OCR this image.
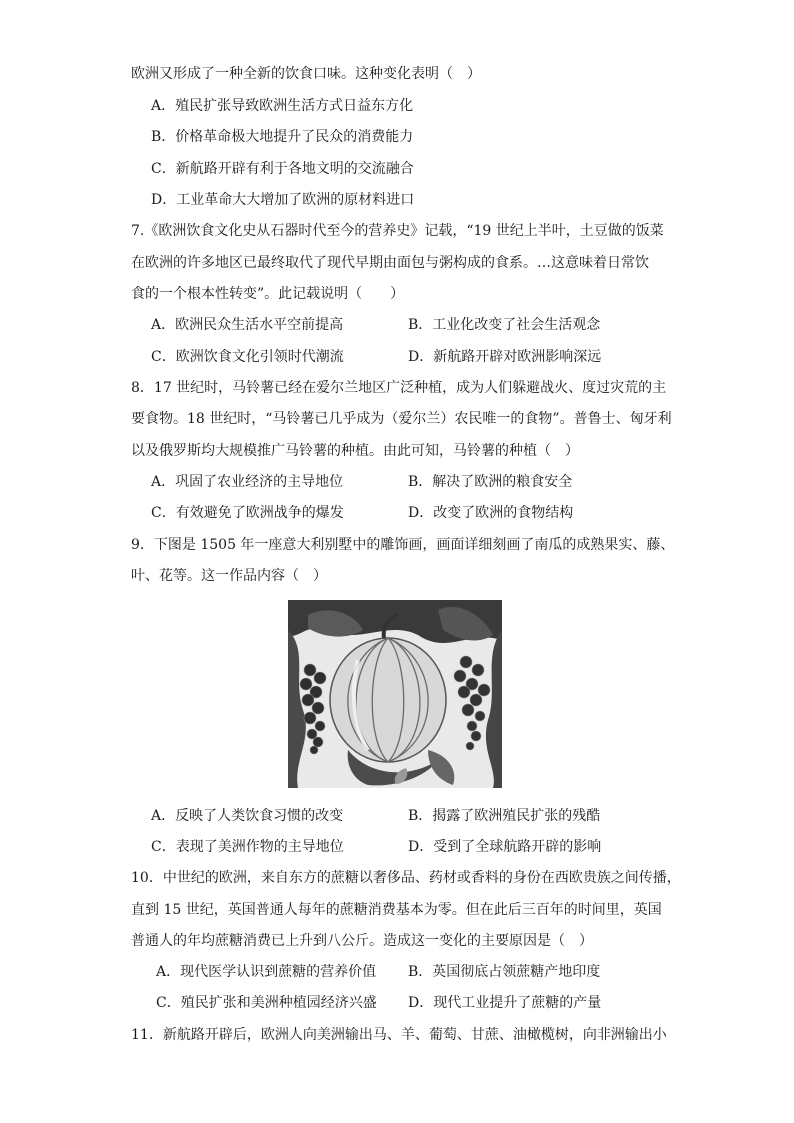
欧洲又形成了一种全新的饮食口味。这种变化表明（　）
A．殖民扩张导致欧洲生活方式日益东方化
B．价格革命极大地提升了民众的消费能力
C．新航路开辟有利于各地文明的交流融合
D．工业革命大大增加了欧洲的原材料进口
7.《欧洲饮食文化史从石器时代至今的营养史》记载，“19 世纪上半叶，土豆做的饭菜
在欧洲的许多地区已最终取代了现代早期由面包与粥构成的食系。…这意味着日常饮
食的一个根本性转变”。此记载说明（　　）
A．欧洲民众生活水平空前提高	B．工业化改变了社会生活观念
C．欧洲饮食文化引领时代潮流	D．新航路开辟对欧洲影响深远
8．17 世纪时，马铃薯已经在爱尔兰地区广泛种植，成为人们躲避战火、度过灾荒的主
要食物。18 世纪时，“马铃薯已几乎成为（爱尔兰）农民唯一的食物”。普鲁士、匈牙利
以及俄罗斯均大规模推广马铃薯的种植。由此可知，马铃薯的种植（　）
A．巩固了农业经济的主导地位	B．解决了欧洲的粮食安全
C．有效避免了欧洲战争的爆发	D．改变了欧洲的食物结构
9．下图是 1505 年一座意大利别墅中的雕饰画，画面详细刻画了南瓜的成熟果实、藤、
叶、花等。这一作品内容（　）
A．反映了人类饮食习惯的改变	B．揭露了欧洲殖民扩张的残酷
C．表现了美洲作物的主导地位	D．受到了全球航路开辟的影响
10．中世纪的欧洲，来自东方的蔗糖以奢侈品、药材或香料的身份在西欧贵族之间传播，
直到 15 世纪，英国普通人每年的蔗糖消费基本为零。但在此后三百年的时间里，英国
普通人的年均蔗糖消费已上升到八公斤。造成这一变化的主要原因是（　）
A．现代医学认识到蔗糖的营养价值 B．英国彻底占领蔗糖产地印度
C．殖民扩张和美洲种植园经济兴盛 D．现代工业提升了蔗糖的产量
11．新航路开辟后，欧洲人向美洲输出马、羊、葡萄、甘蔗、油橄榄树，向非洲输出小
